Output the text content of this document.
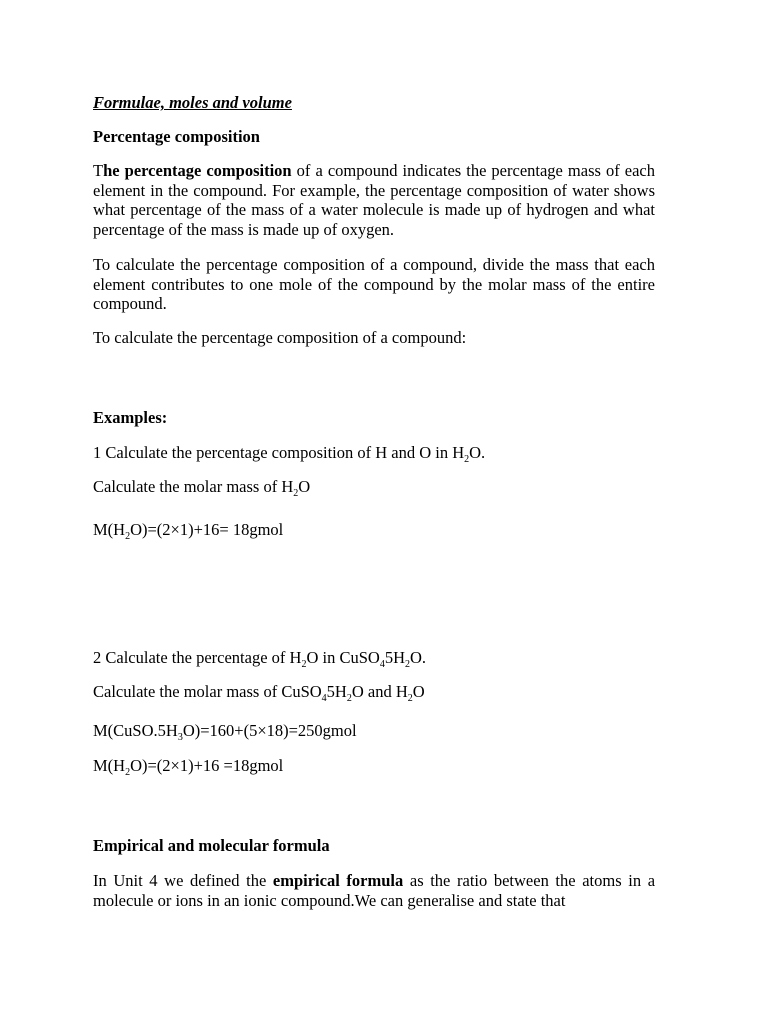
Formulae, moles and volume
Percentage composition

The percentage composition of a compound indicates the percentage mass of each element in the compound. For example, the percentage composition of water shows what percentage of the mass of a water molecule is made up of hydrogen and what percentage of the mass is made up of oxygen.

To calculate the percentage composition of a compound, divide the mass that each element contributes to one mole of the compound by the molar mass of the entire compound.

To calculate the percentage composition of a compound:

Examples:
1 Calculate the percentage composition of H and O in $H_2O$.
Calculate the molar mass of $H_2O$
$M(H_2O)=(2\times 1)+16=$ 18gmol
2 Calculate the percentage of $H_2O$ in $CuSO_45H_2O$.
Calculate the molar mass of $CuSO_45H_2O$ and $H_2O$
$M(CuSO.5H_3O)=160+(5\times 18)=250gmol$
$M(H_2O)=(2\times 1)+16$ =18gmol
Empirical and molecular formula

In Unit 4 we defined the empirical formula as the ratio between the atoms in a molecule or ions in an ionic compound.We can generalise and state that
